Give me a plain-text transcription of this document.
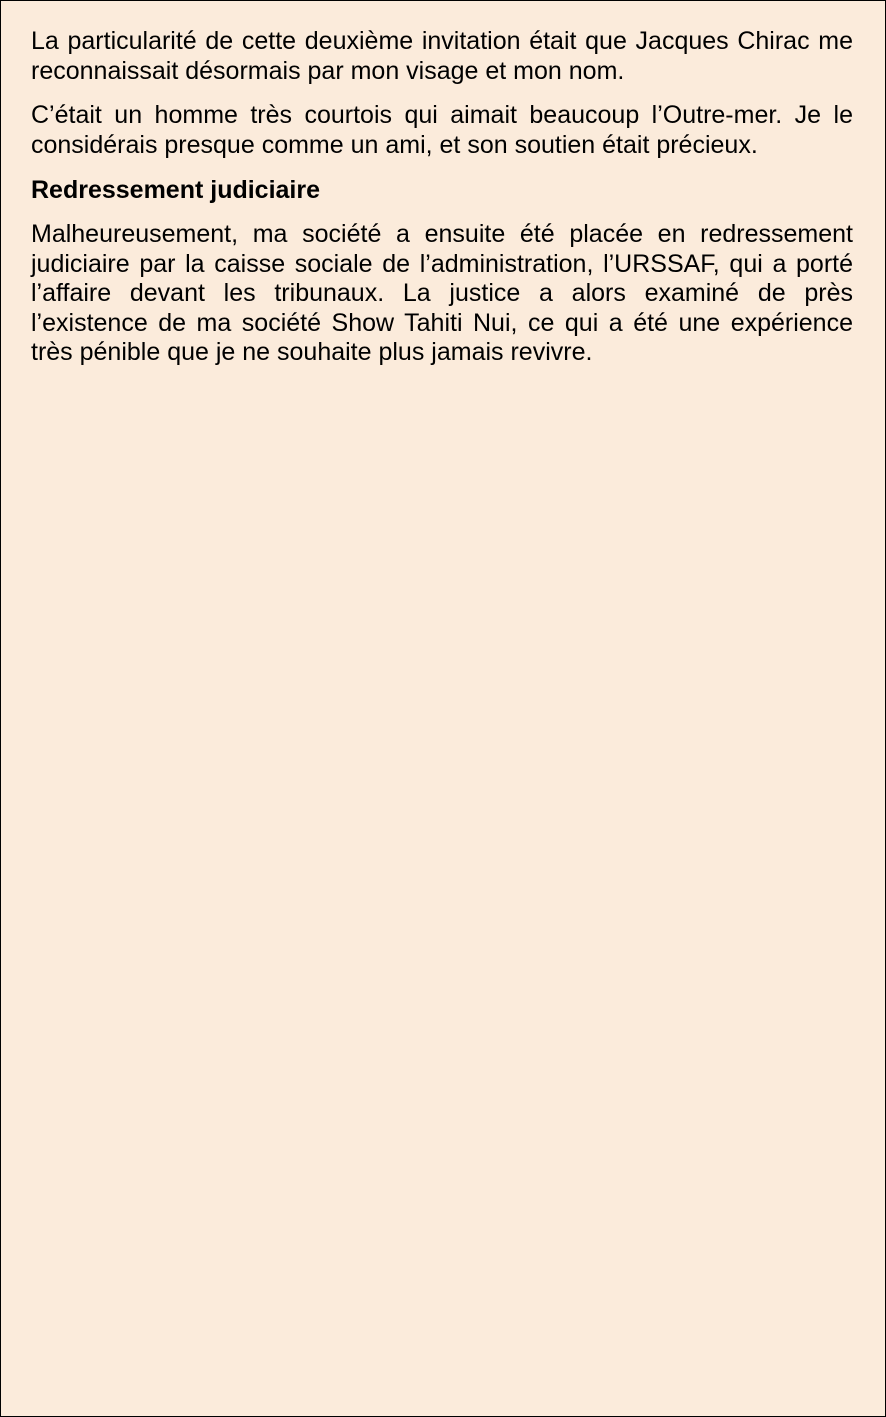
La particularité de cette deuxième invitation était que Jacques Chirac me reconnaissait désormais par mon visage et mon nom.

C’était un homme très courtois qui aimait beaucoup l’Outre-mer. Je le considérais presque comme un ami, et son soutien était précieux.

Redressement judiciaire

Malheureusement, ma société a ensuite été placée en redressement judiciaire par la caisse sociale de l’administration, l’URSSAF, qui a porté l’affaire devant les tribunaux. La justice a alors examiné de près l’existence de ma société Show Tahiti Nui, ce qui a été une expérience très pénible que je ne souhaite plus jamais revivre.
